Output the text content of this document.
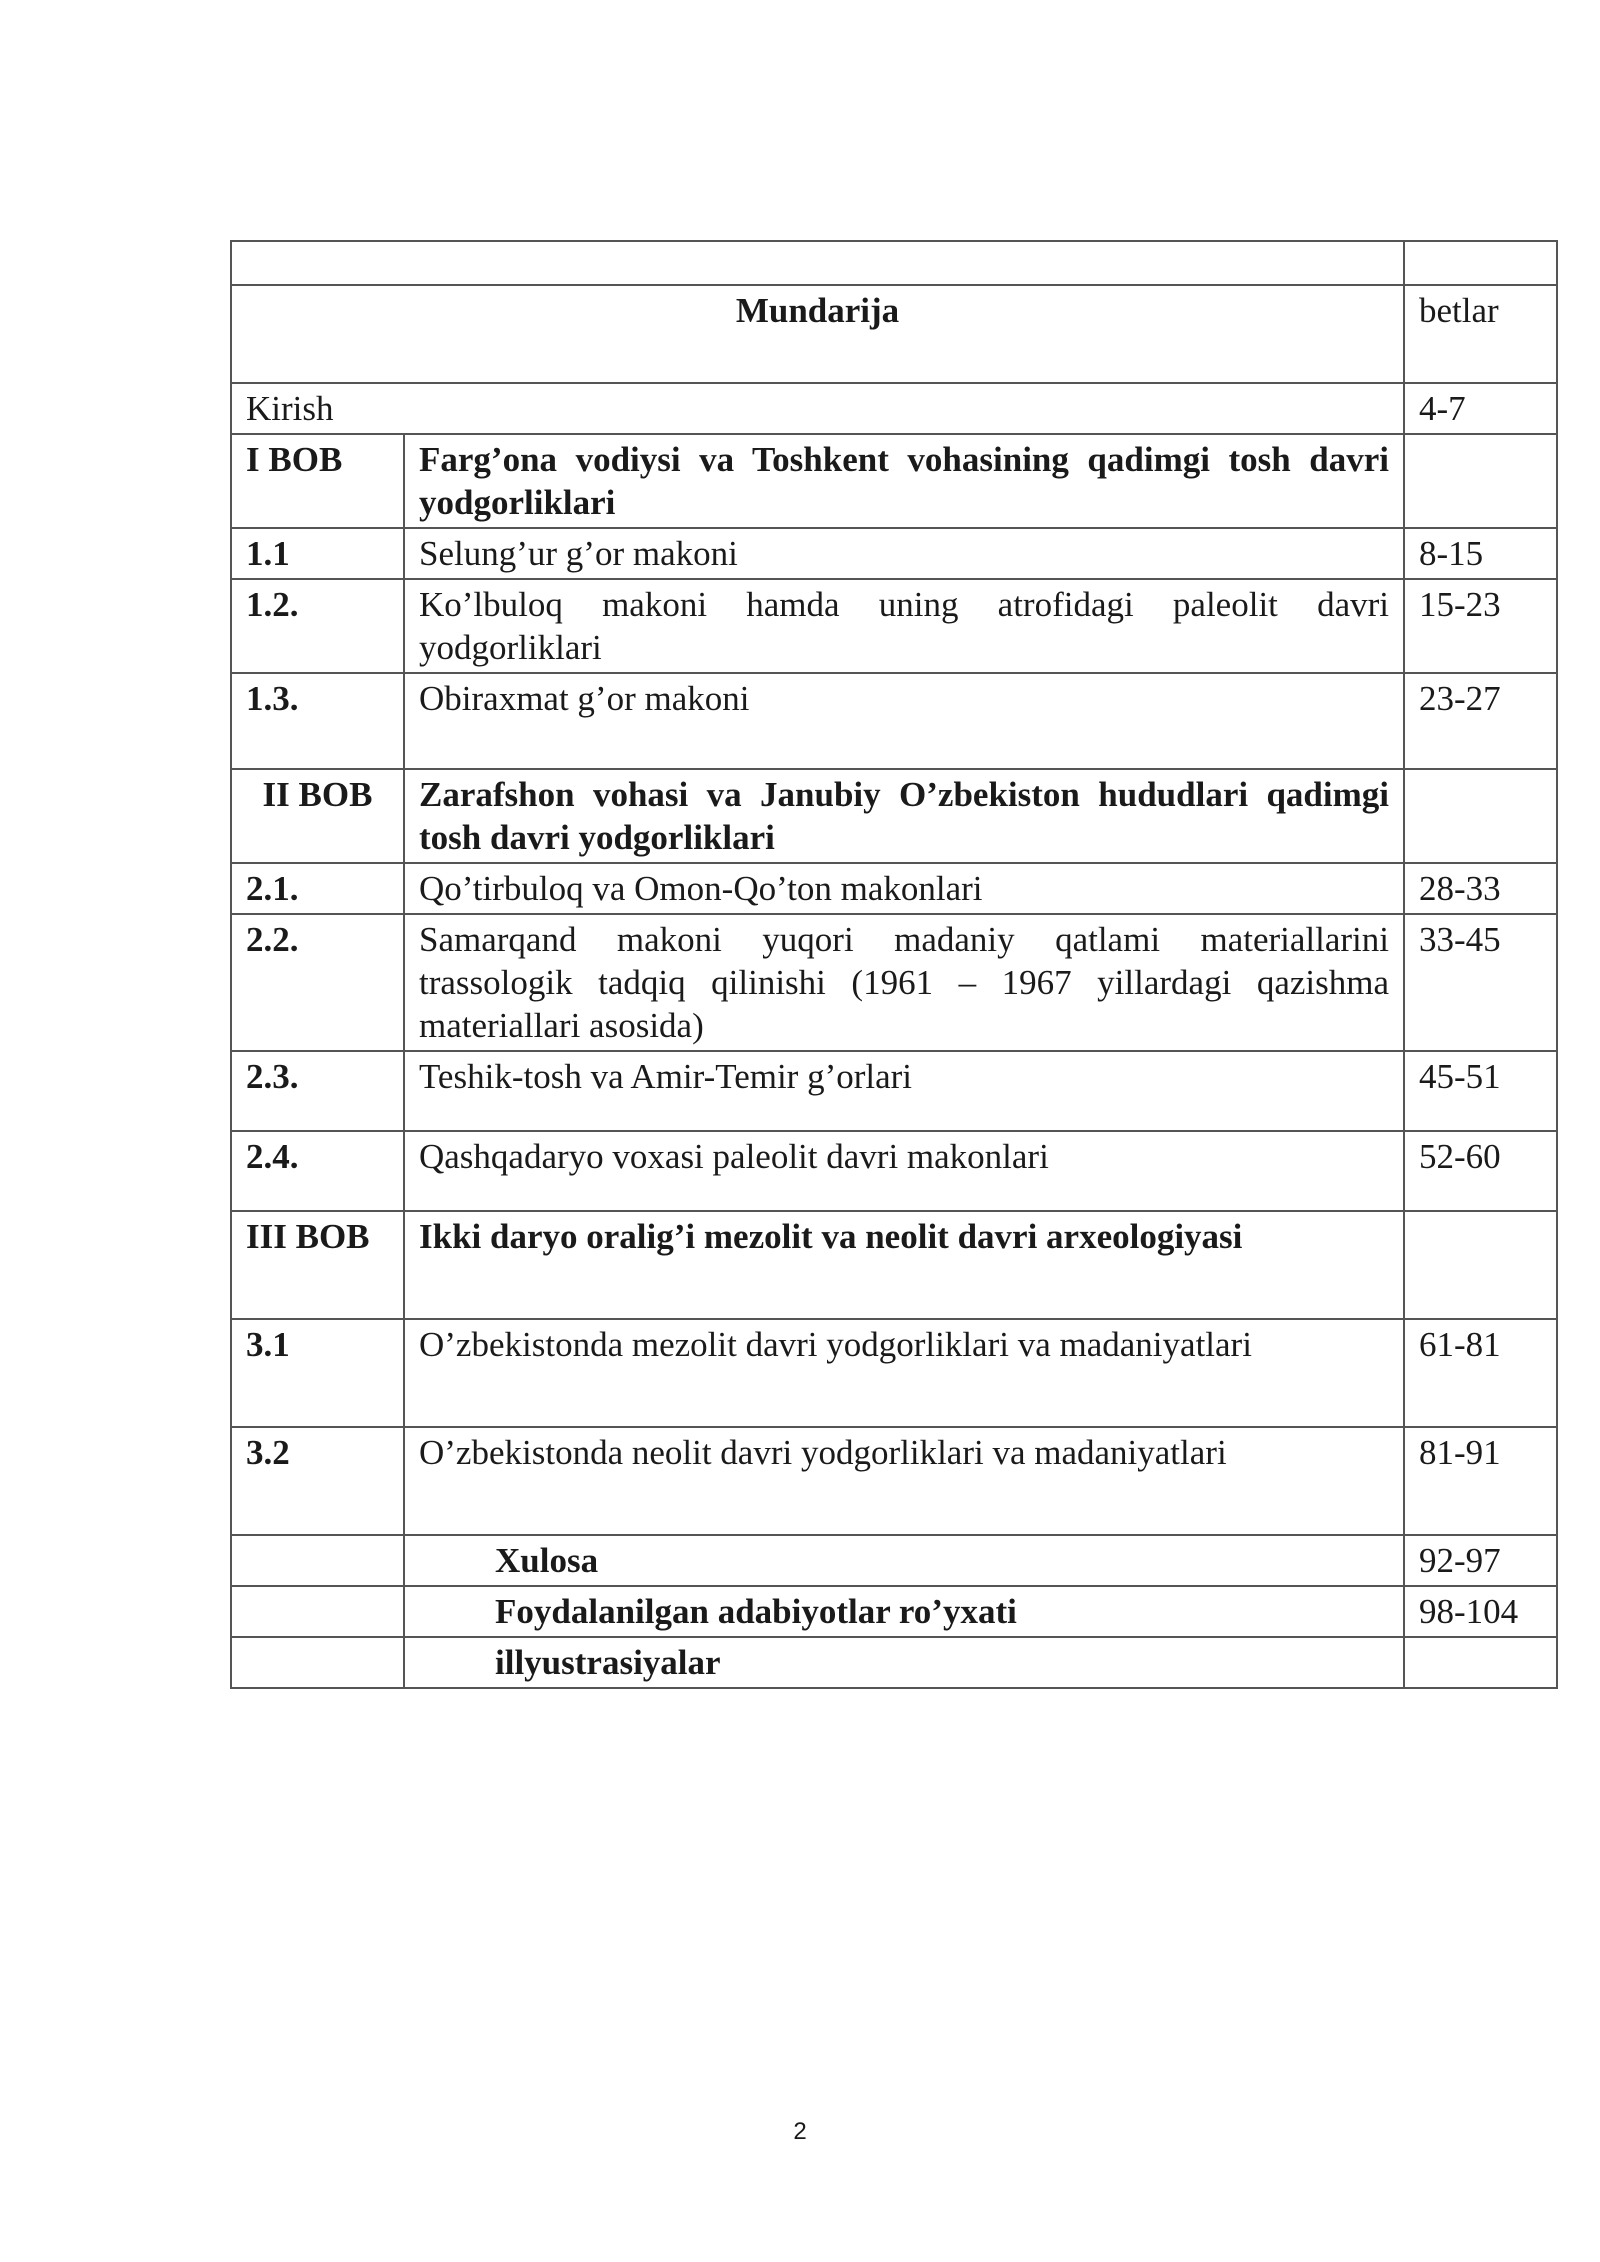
Mundarija		betlar
Kirish		4-7
I BOB	Farg’ona vodiysi va Toshkent vohasining qadimgi tosh davri yodgorliklari	
1.1	Selung’ur g’or makoni	8-15
1.2.	Ko’lbuloq makoni hamda uning atrofidagi paleolit davri yodgorliklari	15-23
1.3.	Obiraxmat g’or makoni	23-27
II BOB	Zarafshon vohasi va Janubiy O’zbekiston hududlari qadimgi tosh davri yodgorliklari	
2.1.	Qo’tirbuloq va Omon-Qo’ton makonlari	28-33
2.2.	Samarqand makoni yuqori madaniy qatlami materiallarini trassologik tadqiq qilinishi (1961 – 1967 yillardagi qazishma materiallari asosida)	33-45
2.3.	Teshik-tosh va Amir-Temir g’orlari	45-51
2.4.	Qashqadaryo voxasi paleolit davri makonlari	52-60
III BOB	Ikki daryo oralig’i mezolit va neolit davri arxeologiyasi	
3.1	O’zbekistonda mezolit davri yodgorliklari va madaniyatlari	61-81
3.2	O’zbekistonda neolit davri yodgorliklari va madaniyatlari	81-91
	Xulosa	92-97
	Foydalanilgan adabiyotlar ro’yxati	98-104
	illyustrasiyalar	
2
